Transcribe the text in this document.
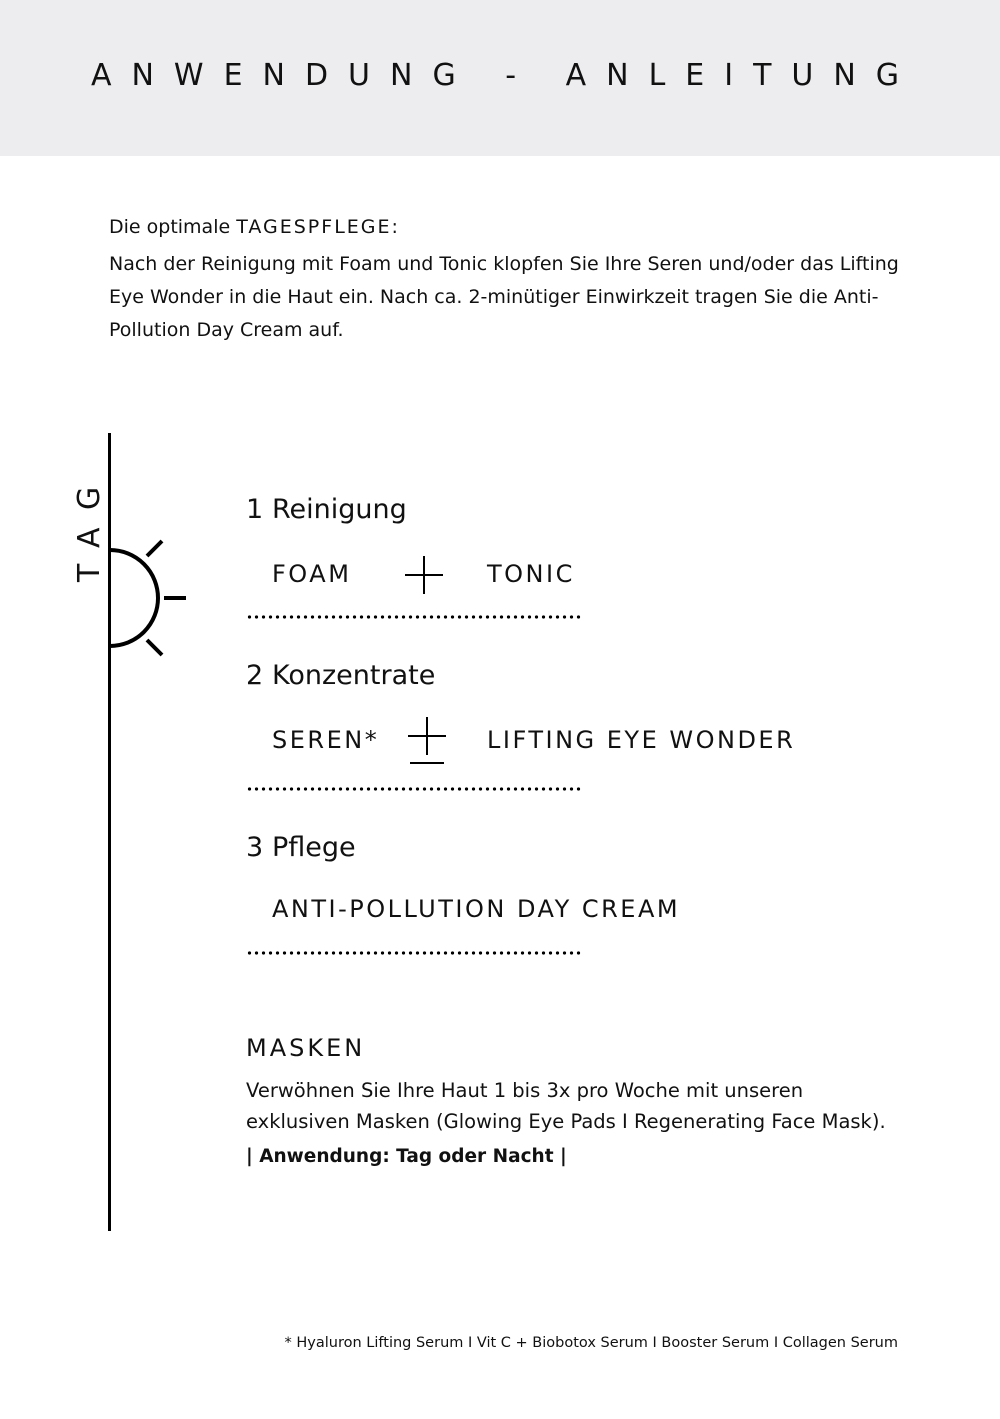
ANWENDUNG - ANLEITUNG
Die optimale TAGESPFLEGE:
Nach der Reinigung mit Foam und Tonic klopfen Sie Ihre Seren und/oder das Lifting Eye Wonder in die Haut ein. Nach ca. 2-minütiger Einwirkzeit tragen Sie die Anti-Pollution Day Cream auf.
TAG	1 Reinigung
FOAM	TONIC
2 Konzentrate
SEREN*	LIFTING EYE WONDER
3 Pflege
ANTI-POLLUTION DAY CREAM
MASKEN
Verwöhnen Sie Ihre Haut 1 bis 3x pro Woche mit unseren exklusiven Masken (Glowing Eye Pads I Regenerating Face Mask).
| Anwendung: Tag oder Nacht |
* Hyaluron Lifting Serum I Vit C + Biobotox Serum I Booster Serum I Collagen Serum
